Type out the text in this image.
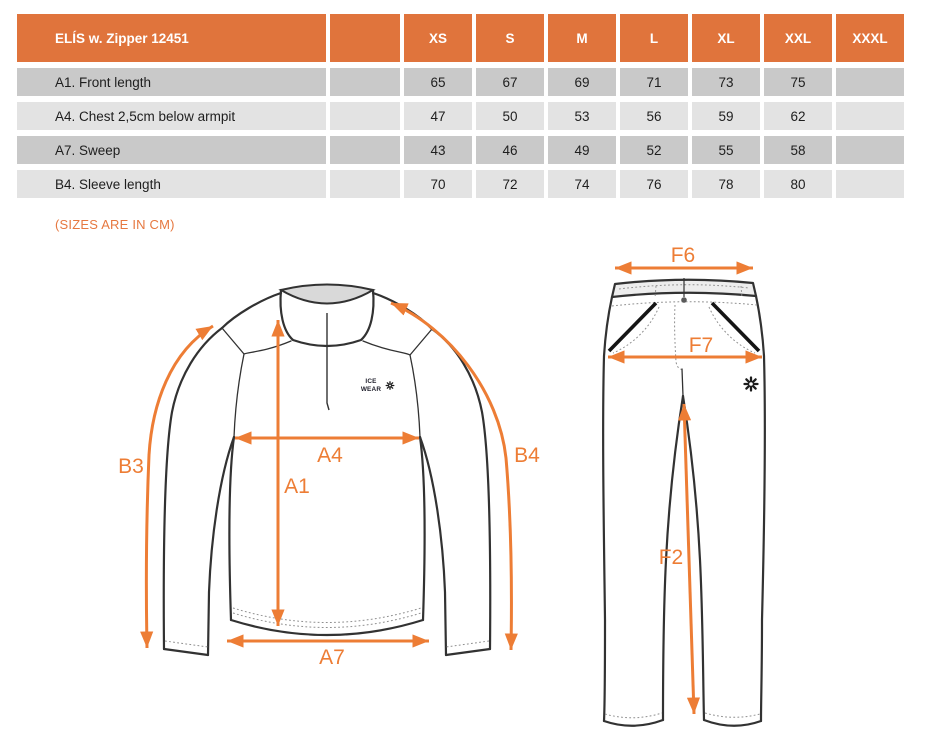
ELÍS w. Zipper 12451	XS	S	M	L	XL	XXL	XXXL
A1. Front length	65	67	69	71	73	75
A4. Chest 2,5cm below armpit	47	50	53	56	59	62
A7. Sweep	43	46	49	52	55	58
B4. Sleeve length	70	72	74	76	78	80
(SIZES ARE IN CM)
ICE
WEAR
B3	A4
A1
A7
B4
F6
F7
F2
